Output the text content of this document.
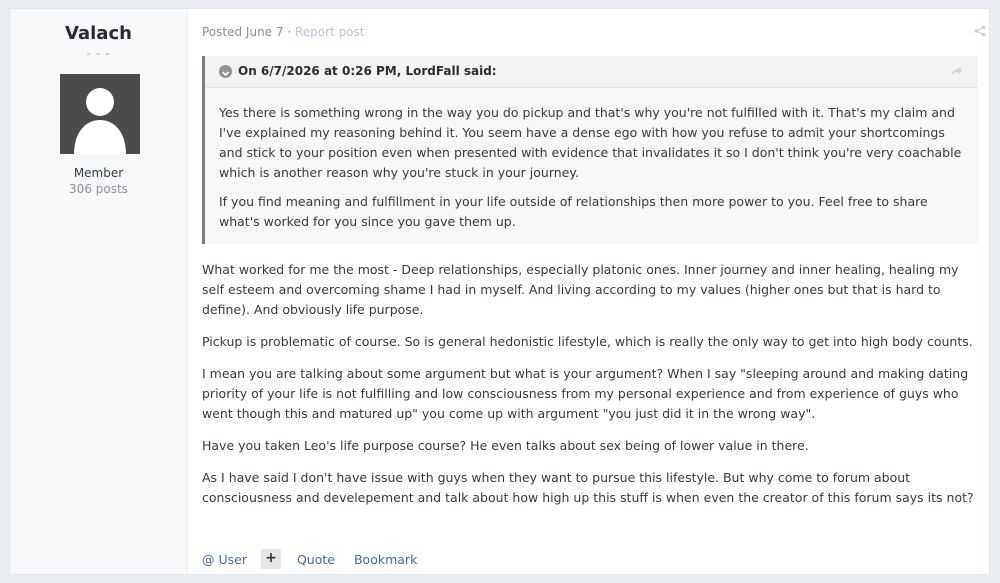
Valach
- - -
Member
306 posts
Posted June 7 · Report post
On 6/7/2026 at 0:26 PM, LordFall said:

Yes there is something wrong in the way you do pickup and that's why you're not fulfilled with it. That's my claim and I've explained my reasoning behind it. You seem have a dense ego with how you refuse to admit your shortcomings and stick to your position even when presented with evidence that invalidates it so I don't think you're very coachable which is another reason why you're stuck in your journey.

If you find meaning and fulfillment in your life outside of relationships then more power to you. Feel free to share what's worked for you since you gave them up.

What worked for me the most - Deep relationships, especially platonic ones. Inner journey and inner healing, healing my self esteem and overcoming shame I had in myself. And living according to my values (higher ones but that is hard to define). And obviously life purpose.

Pickup is problematic of course. So is general hedonistic lifestyle, which is really the only way to get into high body counts.

I mean you are talking about some argument but what is your argument? When I say "sleeping around and making dating priority of your life is not fulfilling and low consciousness from my personal experience and from experience of guys who went though this and matured up" you come up with argument "you just did it in the wrong way".

Have you taken Leo's life purpose course? He even talks about sex being of lower value in there.

As I have said I don't have issue with guys when they want to pursue this lifestyle. But why come to forum about consciousness and develepement and talk about how high up this stuff is when even the creator of this forum says its not?

@ User +	Quote Bookmark
